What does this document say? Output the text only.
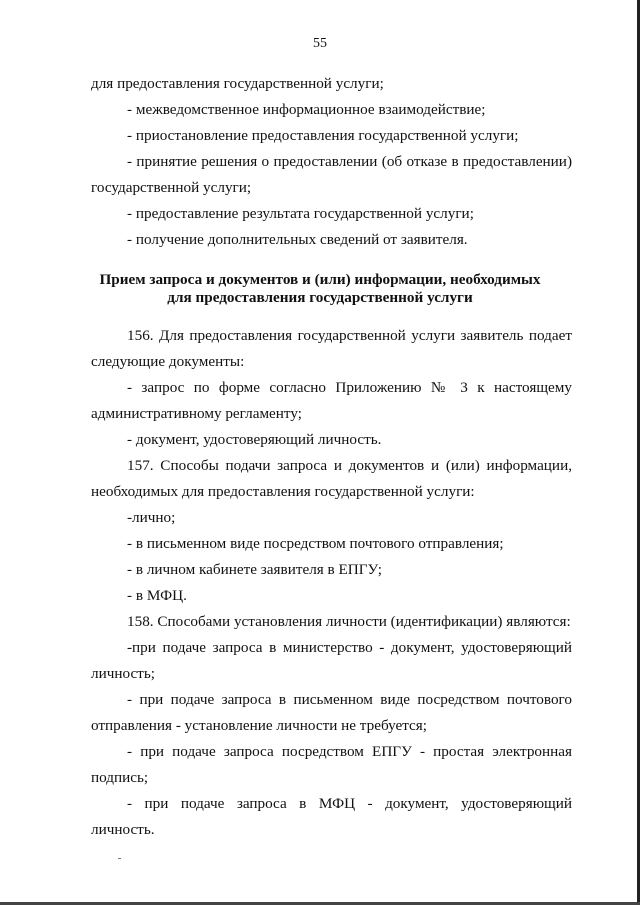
55
для предоставления государственной услуги;
- межведомственное информационное взаимодействие;
- приостановление предоставления государственной услуги;
- принятие решения о предоставлении (об отказе в предоставлении)
государственной услуги;
- предоставление результата государственной услуги;
- получение дополнительных сведений от заявителя.
Прием запроса и документов и (или) информации, необходимых
для предоставления государственной услуги
156. Для предоставления государственной услуги заявитель подает
следующие документы:
- запрос по форме согласно Приложению № 3 к настоящему
административному регламенту;
- документ, удостоверяющий личность.
157. Способы подачи запроса и документов и (или) информации,
необходимых для предоставления государственной услуги:
-лично;
- в письменном виде посредством почтового отправления;
- в личном кабинете заявителя в ЕПГУ;
- в МФЦ.
158. Способами установления личности (идентификации) являются:
-при подаче запроса в министерство - документ, удостоверяющий
личность;
- при подаче запроса в письменном виде посредством почтового
отправления - установление личности не требуется;
- при подаче запроса посредством ЕПГУ - простая электронная
подпись;
- при подаче запроса в МФЦ - документ, удостоверяющий
личность.
